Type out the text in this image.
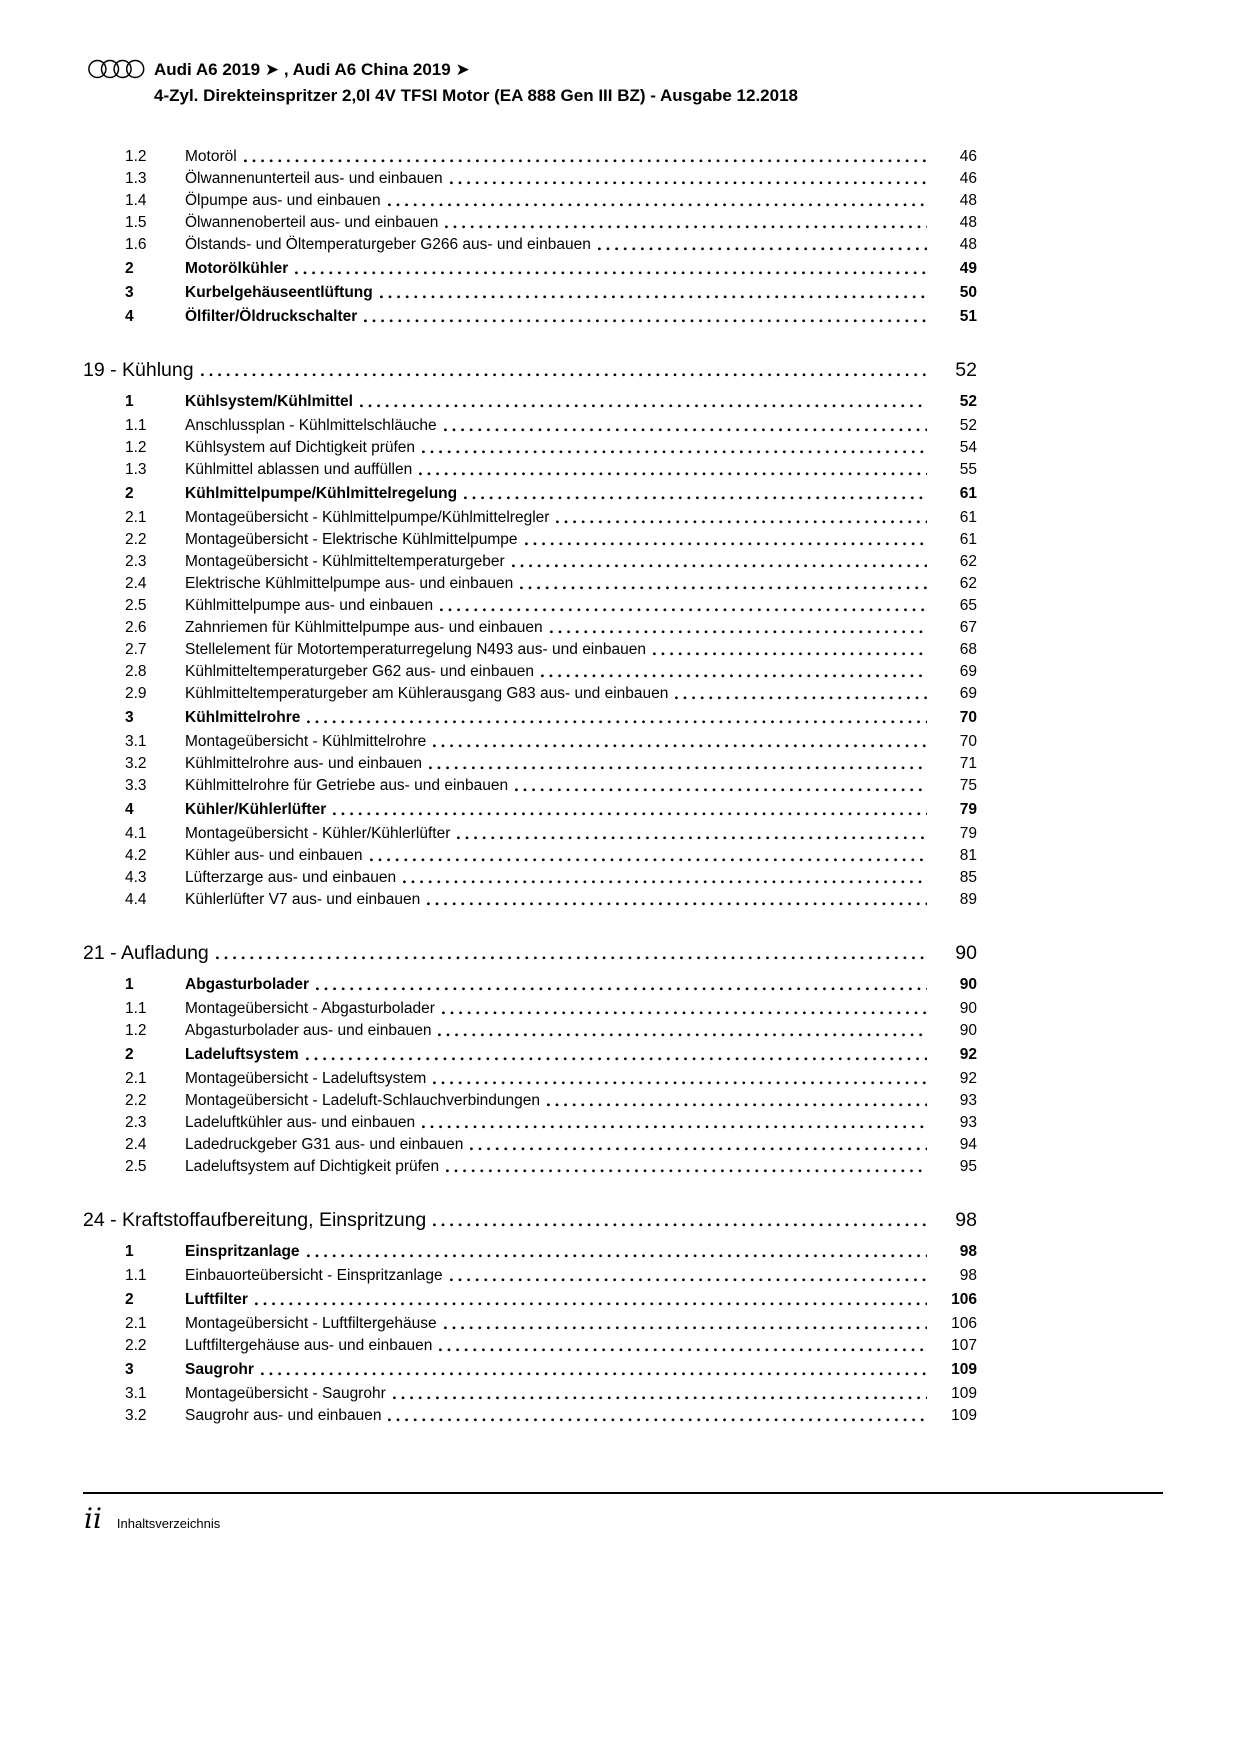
Audi A6 2019 ➤ , Audi A6 China 2019 ➤
4-Zyl. Direkteinspritzer 2,0l 4V TFSI Motor (EA 888 Gen III BZ) - Ausgabe 12.2018
1.2	Motoröl	46
1.3	Ölwannenunterteil aus- und einbauen	46
1.4	Ölpumpe aus- und einbauen	48
1.5	Ölwannenoberteil aus- und einbauen	48
1.6	Ölstands- und Öltemperaturgeber G266 aus- und einbauen	48
2	Motorölkühler	49
3	Kurbelgehäuseentlüftung	50
4	Ölfilter/Öldruckschalter	51
19 - Kühlung	52
1	Kühlsystem/Kühlmittel	52
1.1	Anschlussplan - Kühlmittelschläuche	52
1.2	Kühlsystem auf Dichtigkeit prüfen	54
1.3	Kühlmittel ablassen und auffüllen	55
2	Kühlmittelpumpe/Kühlmittelregelung	61
2.1	Montageübersicht - Kühlmittelpumpe/Kühlmittelregler	61
2.2	Montageübersicht - Elektrische Kühlmittelpumpe	61
2.3	Montageübersicht - Kühlmitteltemperaturgeber	62
2.4	Elektrische Kühlmittelpumpe aus- und einbauen	62
2.5	Kühlmittelpumpe aus- und einbauen	65
2.6	Zahnriemen für Kühlmittelpumpe aus- und einbauen	67
2.7	Stellelement für Motortemperaturregelung N493 aus- und einbauen	68
2.8	Kühlmitteltemperaturgeber G62 aus- und einbauen	69
2.9	Kühlmitteltemperaturgeber am Kühlerausgang G83 aus- und einbauen	69
3	Kühlmittelrohre	70
3.1	Montageübersicht - Kühlmittelrohre	70
3.2	Kühlmittelrohre aus- und einbauen	71
3.3	Kühlmittelrohre für Getriebe aus- und einbauen	75
4	Kühler/Kühlerlüfter	79
4.1	Montageübersicht - Kühler/Kühlerlüfter	79
4.2	Kühler aus- und einbauen	81
4.3	Lüfterzarge aus- und einbauen	85
4.4	Kühlerlüfter V7 aus- und einbauen	89
21 - Aufladung	90
1	Abgasturbolader	90
1.1	Montageübersicht - Abgasturbolader	90
1.2	Abgasturbolader aus- und einbauen	90
2	Ladeluftsystem	92
2.1	Montageübersicht - Ladeluftsystem	92
2.2	Montageübersicht - Ladeluft-Schlauchverbindungen	93
2.3	Ladeluftkühler aus- und einbauen	93
2.4	Ladedruckgeber G31 aus- und einbauen	94
2.5	Ladeluftsystem auf Dichtigkeit prüfen	95
24 - Kraftstoffaufbereitung, Einspritzung	98
1	Einspritzanlage	98
1.1	Einbauorteübersicht - Einspritzanlage	98
2	Luftfilter	106
2.1	Montageübersicht - Luftfiltergehäuse	106
2.2	Luftfiltergehäuse aus- und einbauen	107
3	Saugrohr	109
3.1	Montageübersicht - Saugrohr	109
3.2	Saugrohr aus- und einbauen	109
ii Inhaltsverzeichnis
